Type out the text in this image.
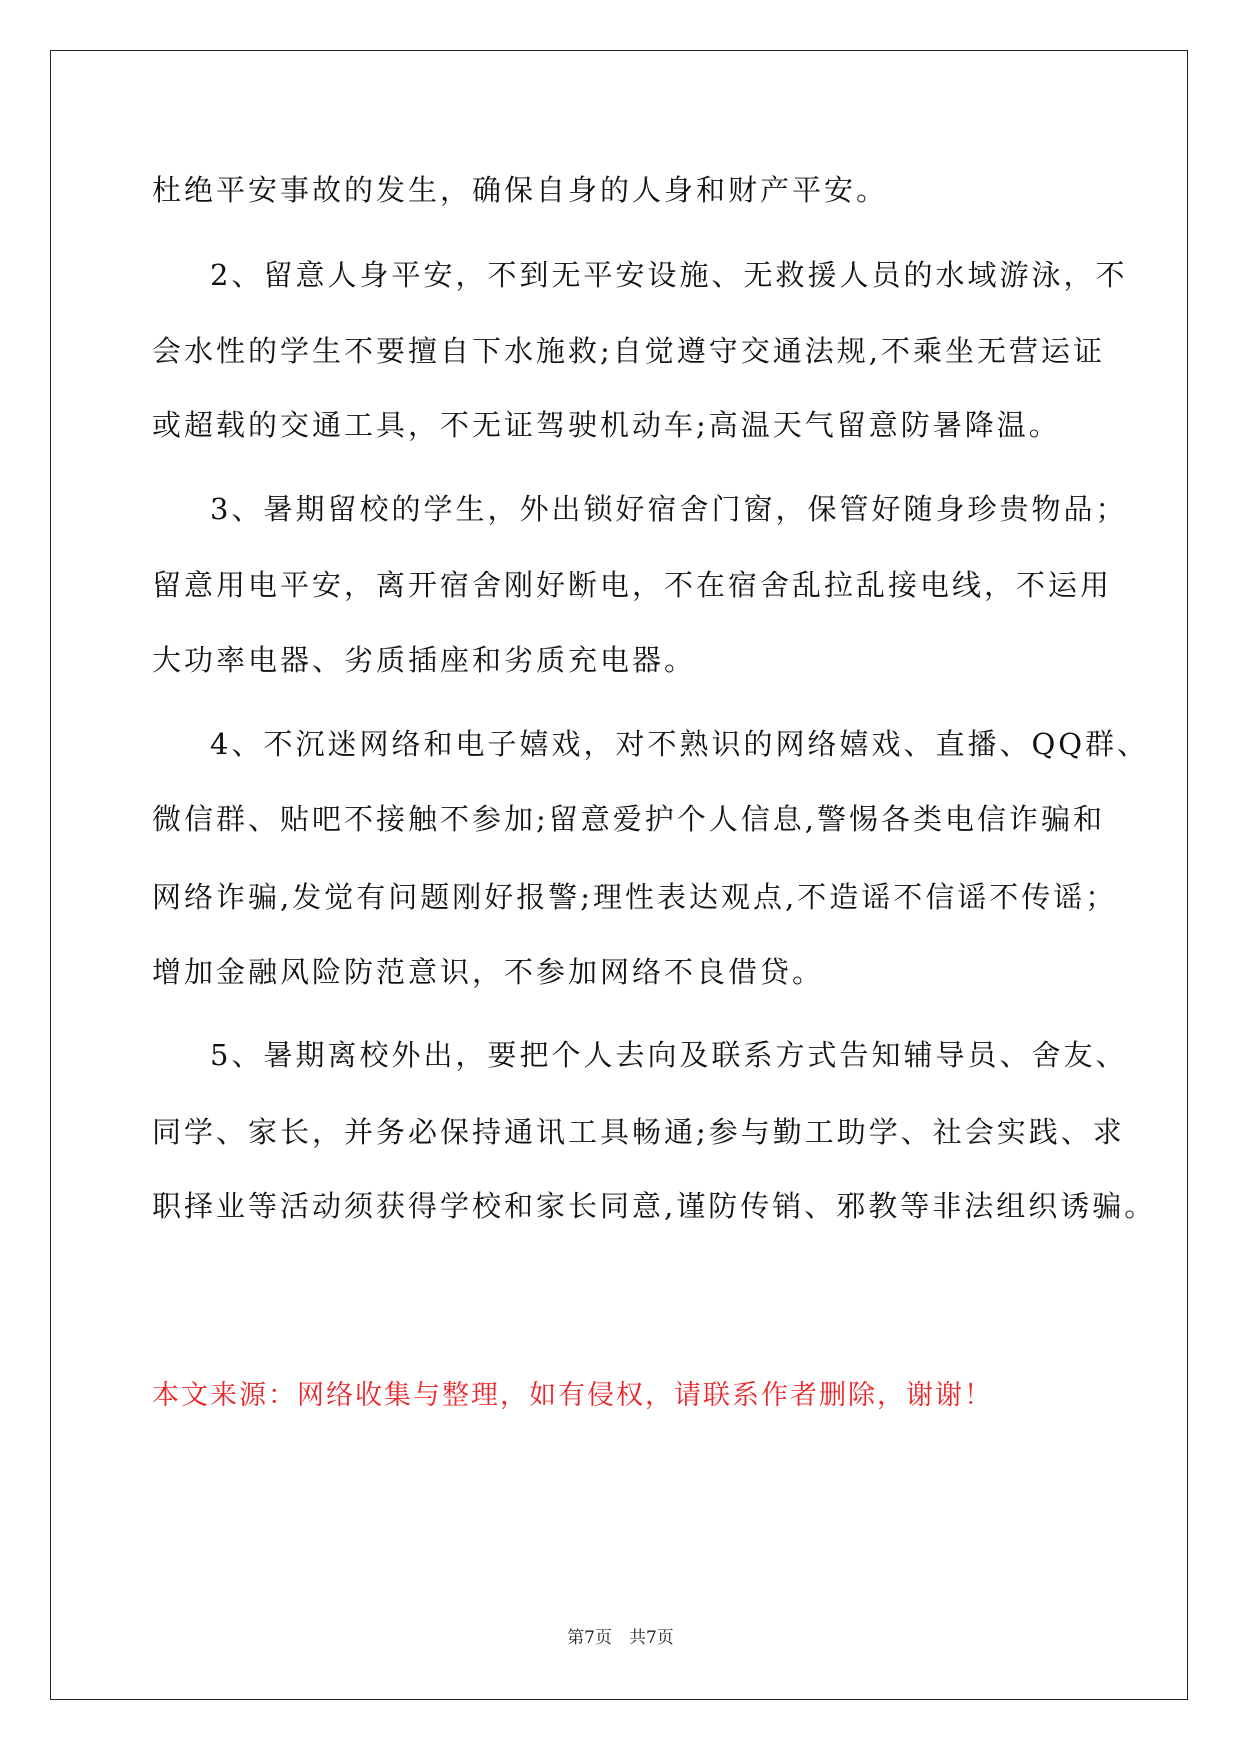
杜绝平安事故的发生，确保自身的人身和财产平安。
2、留意人身平安，不到无平安设施、无救援人员的水域游泳，不
会水性的学生不要擅自下水施救;自觉遵守交通法规,不乘坐无营运证
或超载的交通工具，不无证驾驶机动车;高温天气留意防暑降温。
3、暑期留校的学生，外出锁好宿舍门窗，保管好随身珍贵物品；
留意用电平安，离开宿舍刚好断电，不在宿舍乱拉乱接电线，不运用
大功率电器、劣质插座和劣质充电器。
4、不沉迷网络和电子嬉戏，对不熟识的网络嬉戏、直播、QQ群、
微信群、贴吧不接触不参加;留意爱护个人信息,警惕各类电信诈骗和
网络诈骗,发觉有问题刚好报警;理性表达观点,不造谣不信谣不传谣；
增加金融风险防范意识，不参加网络不良借贷。
5、暑期离校外出，要把个人去向及联系方式告知辅导员、舍友、
同学、家长，并务必保持通讯工具畅通;参与勤工助学、社会实践、求
职择业等活动须获得学校和家长同意,谨防传销、邪教等非法组织诱骗。
本文来源：网络收集与整理，如有侵权，请联系作者删除，谢谢！
第7页　共7页
